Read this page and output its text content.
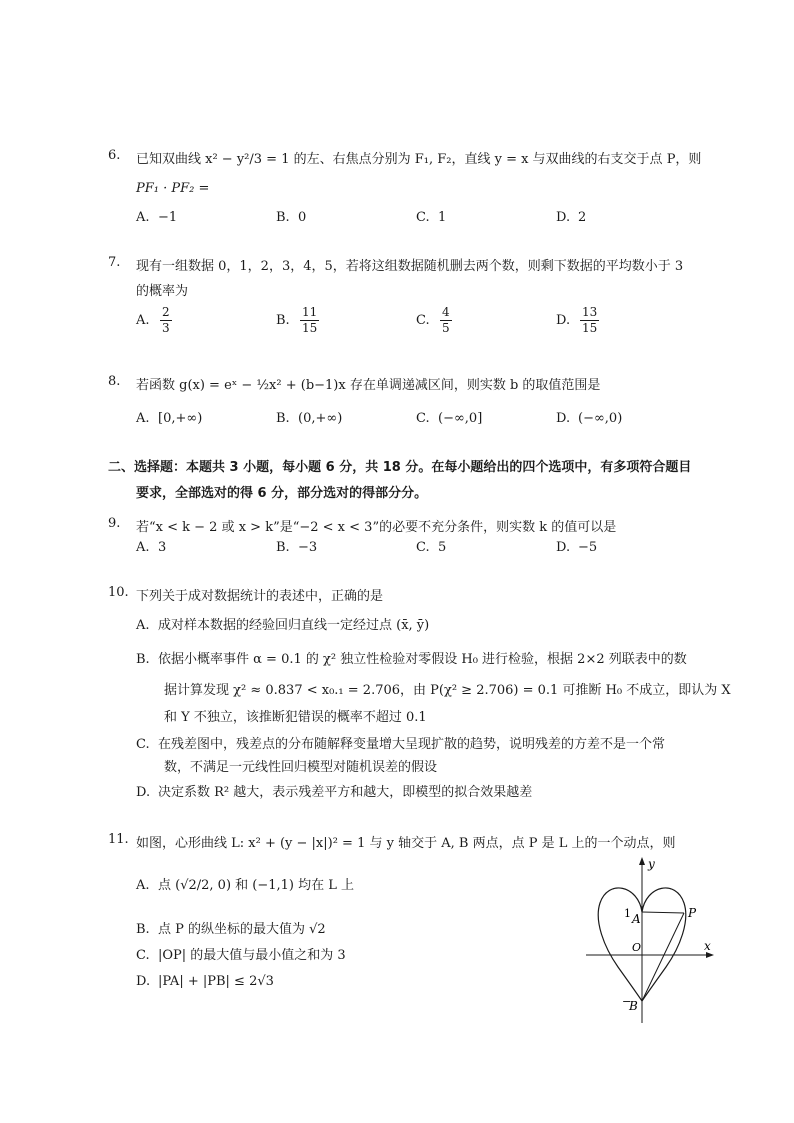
6. 已知双曲线 x² − y²/3 = 1 的左、右焦点分别为 F₁, F₂，直线 y = x 与双曲线的右支交于点 P，则
PF₁ · PF₂ =
A. −1	B. 0	C. 1	D. 2
7. 现有一组数据 0，1，2，3，4，5，若将这组数据随机删去两个数，则剩下数据的平均数小于 3
的概率为
A. $\frac{2}{3}$	B. $\frac{11}{15}$	C. $\frac{4}{5}$	D. $\frac{13}{15}$
8. 若函数 g(x) = eˣ − ½x² + (b−1)x 存在单调递减区间，则实数 b 的取值范围是
A. [0,+∞)	B. (0,+∞)	C. (−∞,0]	D. (−∞,0)
二、选择题：本题共 3 小题，每小题 6 分，共 18 分。在每小题给出的四个选项中，有多项符合题目
要求，全部选对的得 6 分，部分选对的得部分分。
9. 若“x < k − 2 或 x > k”是“−2 < x < 3”的必要不充分条件，则实数 k 的值可以是
A. 3	B. −3	C. 5	D. −5
10. 下列关于成对数据统计的表述中，正确的是
A. 成对样本数据的经验回归直线一定经过点 (x̄, ȳ)
B. 依据小概率事件 α = 0.1 的 χ² 独立性检验对零假设 H₀ 进行检验，根据 2×2 列联表中的数
据计算发现 χ² ≈ 0.837 < x₀.₁ = 2.706，由 P(χ² ≥ 2.706) = 0.1 可推断 H₀ 不成立，即认为 X
和 Y 不独立，该推断犯错误的概率不超过 0.1
C. 在残差图中，残差点的分布随解释变量增大呈现扩散的趋势，说明残差的方差不是一个常
数，不满足一元线性回归模型对随机误差的假设
D. 决定系数 R² 越大，表示残差平方和越大，即模型的拟合效果越差
11. 如图，心形曲线 L: x² + (y − |x|)² = 1 与 y 轴交于 A, B 两点，点 P 是 L 上的一个动点，则
A. 点 (√2/2, 0) 和 (−1,1) 均在 L 上
B. 点 P 的纵坐标的最大值为 √2
C. |OP| 的最大值与最小值之和为 3
D. |PA| + |PB| ≤ 2√3
y
x
O
1 A	P
−
B
